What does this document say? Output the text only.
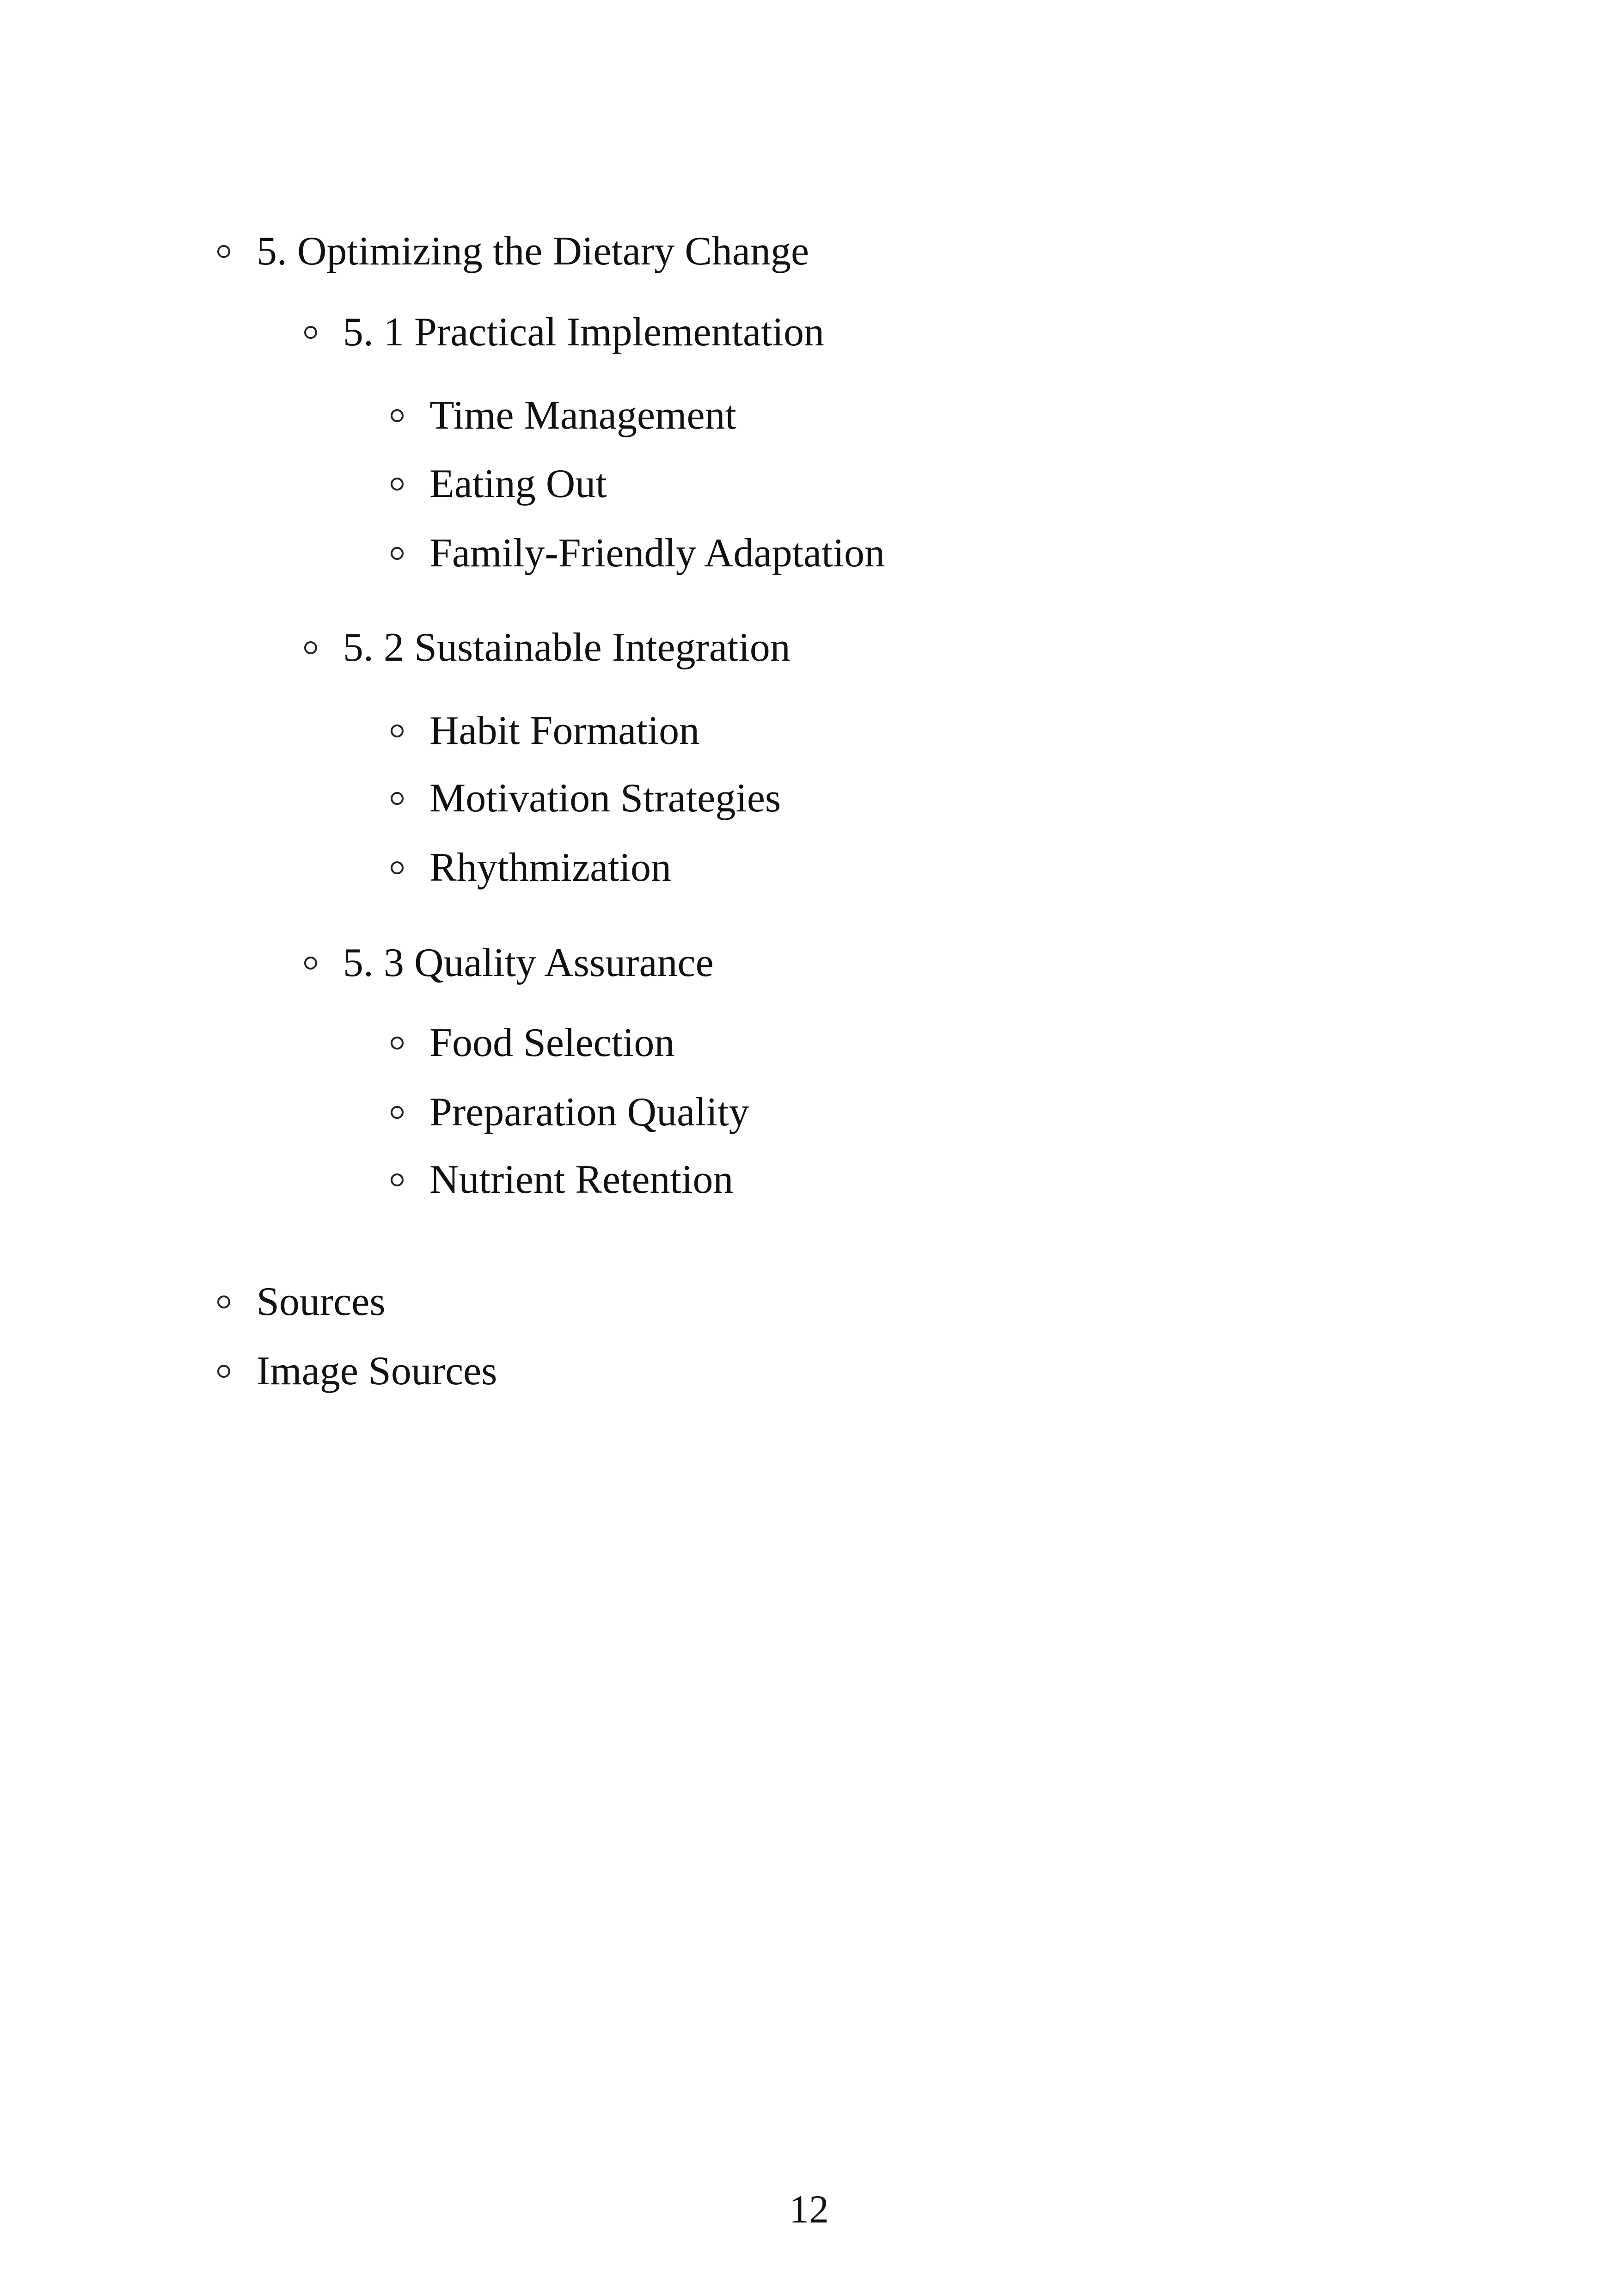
5. Optimizing the Dietary Change
5. 1 Practical Implementation
Time Management
Eating Out
Family-Friendly Adaptation
5. 2 Sustainable Integration
Habit Formation
Motivation Strategies
Rhythmization
5. 3 Quality Assurance
Food Selection
Preparation Quality
Nutrient Retention
Sources
Image Sources
12
